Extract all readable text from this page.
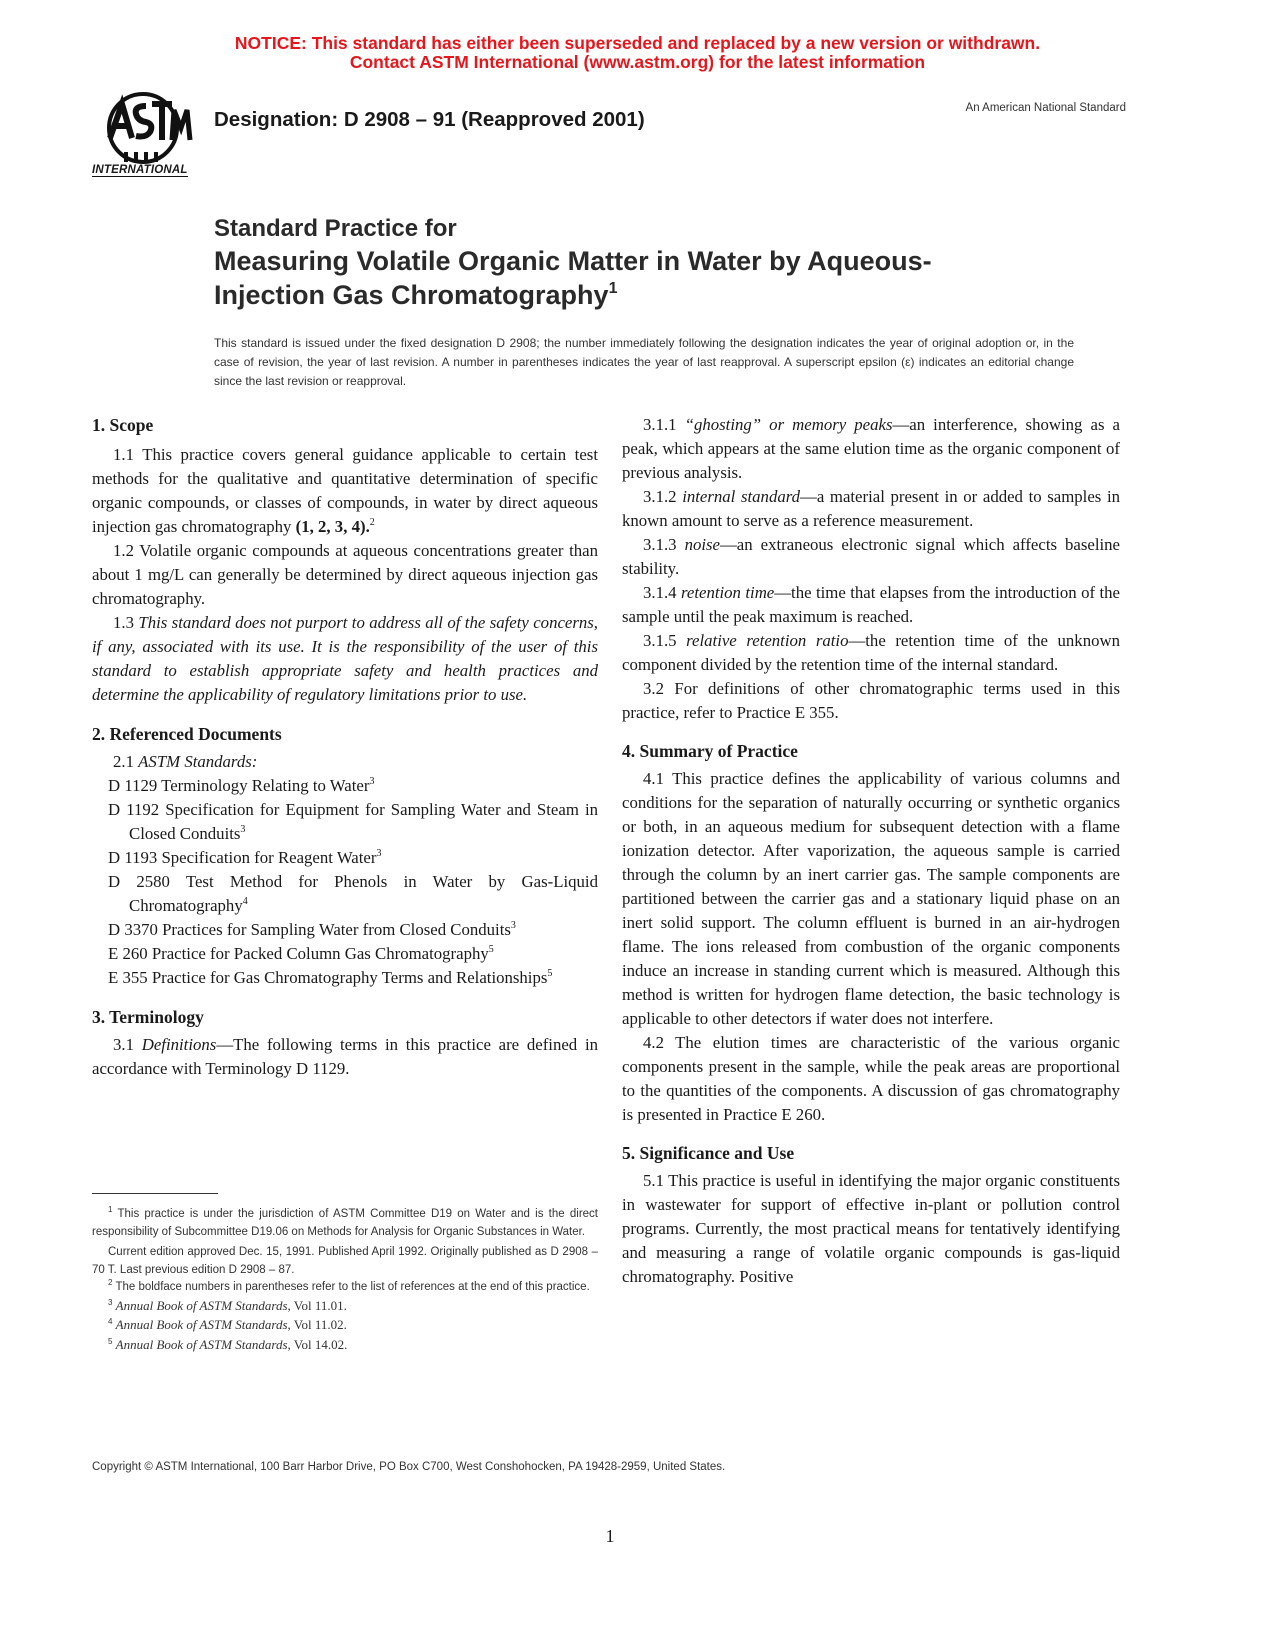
NOTICE: This standard has either been superseded and replaced by a new version or withdrawn.
Contact ASTM International (www.astm.org) for the latest information
INTERNATIONAL
Designation: D 2908 – 91 (Reapproved 2001)	An American National Standard
Standard Practice for
Measuring Volatile Organic Matter in Water by Aqueous-Injection Gas Chromatography$^1$
This standard is issued under the fixed designation D 2908; the number immediately following the designation indicates the year of original adoption or, in the case of revision, the year of last revision. A number in parentheses indicates the year of last reapproval. A superscript epsilon (ε) indicates an editorial change since the last revision or reapproval.
1. Scope

1.1 This practice covers general guidance applicable to certain test methods for the qualitative and quantitative determination of specific organic compounds, or classes of compounds, in water by direct aqueous injection gas chromatography (1, 2, 3, 4).$^2$

1.2 Volatile organic compounds at aqueous concentrations greater than about 1 mg/L can generally be determined by direct aqueous injection gas chromatography.

1.3 This standard does not purport to address all of the safety concerns, if any, associated with its use. It is the responsibility of the user of this standard to establish appropriate safety and health practices and determine the applicability of regulatory limitations prior to use.

2. Referenced Documents

2.1 ASTM Standards:

D 1129 Terminology Relating to Water$^3$

D 1192 Specification for Equipment for Sampling Water and Steam in Closed Conduits$^3$

D 1193 Specification for Reagent Water$^3$

D 2580 Test Method for Phenols in Water by Gas-Liquid Chromatography$^4$

D 3370 Practices for Sampling Water from Closed Conduits$^3$

E 260 Practice for Packed Column Gas Chromatography$^5$

E 355 Practice for Gas Chromatography Terms and Relationships$^5$

3. Terminology

3.1 Definitions—The following terms in this practice are defined in accordance with Terminology D 1129.

3.1.1 “ghosting” or memory peaks—an interference, showing as a peak, which appears at the same elution time as the organic component of previous analysis.

3.1.2 internal standard—a material present in or added to samples in known amount to serve as a reference measurement.

3.1.3 noise—an extraneous electronic signal which affects baseline stability.

3.1.4 retention time—the time that elapses from the introduction of the sample until the peak maximum is reached.

3.1.5 relative retention ratio—the retention time of the unknown component divided by the retention time of the internal standard.

3.2 For definitions of other chromatographic terms used in this practice, refer to Practice E 355.

4. Summary of Practice

4.1 This practice defines the applicability of various columns and conditions for the separation of naturally occurring or synthetic organics or both, in an aqueous medium for subsequent detection with a flame ionization detector. After vaporization, the aqueous sample is carried through the column by an inert carrier gas. The sample components are partitioned between the carrier gas and a stationary liquid phase on an inert solid support. The column effluent is burned in an air-hydrogen flame. The ions released from combustion of the organic components induce an increase in standing current which is measured. Although this method is written for hydrogen flame detection, the basic technology is applicable to other detectors if water does not interfere.

4.2 The elution times are characteristic of the various organic components present in the sample, while the peak areas are proportional to the quantities of the components. A discussion of gas chromatography is presented in Practice E 260.

5. Significance and Use

5.1 This practice is useful in identifying the major organic constituents in wastewater for support of effective in-plant or pollution control programs. Currently, the most practical means for tentatively identifying and measuring a range of volatile organic compounds is gas-liquid chromatography. Positive

$^1$ This practice is under the jurisdiction of ASTM Committee D19 on Water and is the direct responsibility of Subcommittee D19.06 on Methods for Analysis for Organic Substances in Water.

Current edition approved Dec. 15, 1991. Published April 1992. Originally published as D 2908 – 70 T. Last previous edition D 2908 – 87.

$^2$ The boldface numbers in parentheses refer to the list of references at the end of this practice.

$^3$ Annual Book of ASTM Standards, Vol 11.01.

$^4$ Annual Book of ASTM Standards, Vol 11.02.

$^5$ Annual Book of ASTM Standards, Vol 14.02.

Copyright © ASTM International, 100 Barr Harbor Drive, PO Box C700, West Conshohocken, PA 19428-2959, United States.
1
